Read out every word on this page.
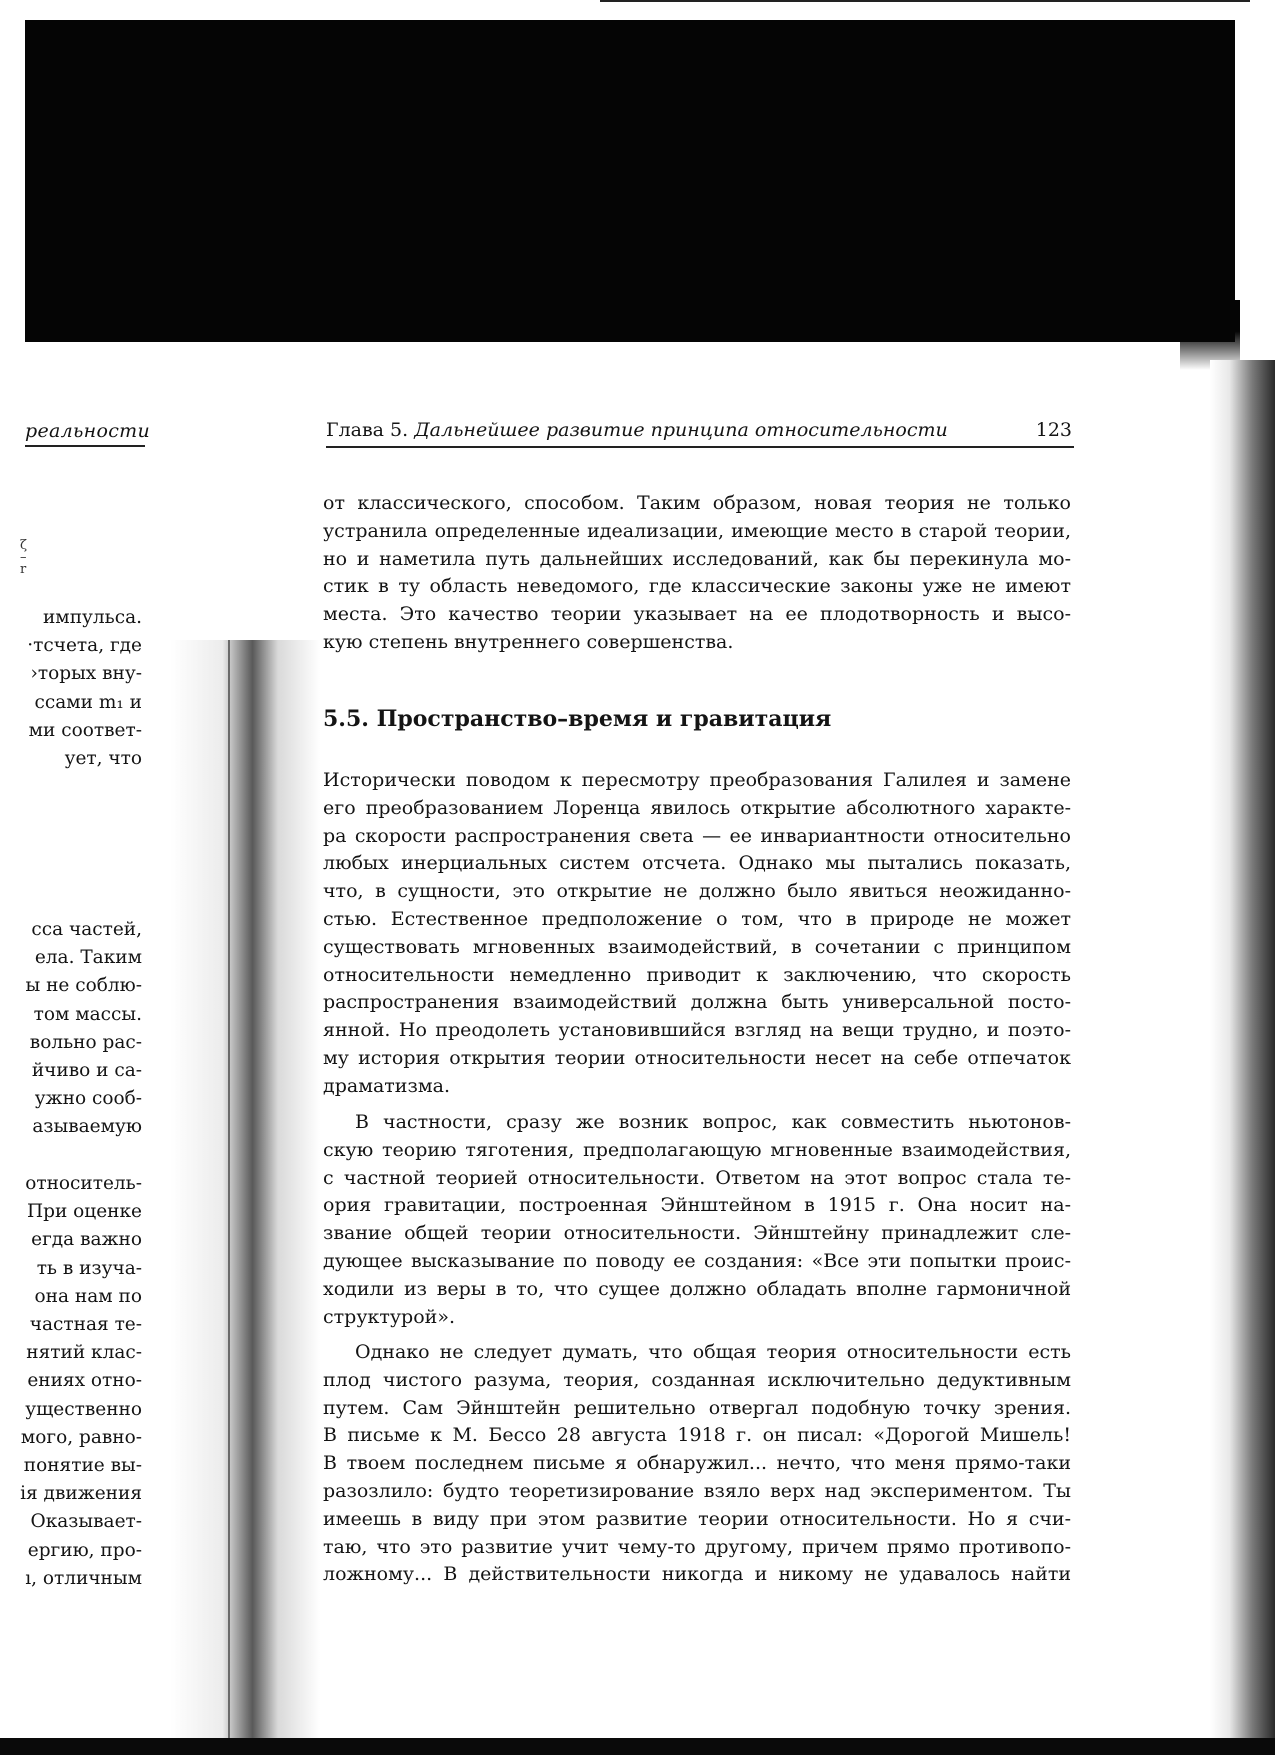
реальности
ζ
–
r
импульса.
·тсчета, где
›торых вну-
ссами m₁ и
ми соответ-
ует, что
сса частей,
ела. Таким
ы не соблю-
том массы.
вольно рас-
йчиво и са-
ужно сооб-
азываемую
относитель-
При оценке
егда важно
ть в изуча-
она нам по
частная те-
нятий клас-
ениях отно-
ущественно
мого, равно-
понятие вы-
ія движения
Оказывает-
ергию, про-
ı, отличным
Глава 5. Дальнейшее развитие принципа относительности	123
от классического, способом. Таким образом, новая теория не только
устранила определенные идеализации, имеющие место в старой теории,
но и наметила путь дальнейших исследований, как бы перекинула мо-
стик в ту область неведомого, где классические законы уже не имеют
места. Это качество теории указывает на ее плодотворность и высо-
кую степень внутреннего совершенства.
5.5. Пространство–время и гравитация
Исторически поводом к пересмотру преобразования Галилея и замене
его преобразованием Лоренца явилось открытие абсолютного характе-
ра скорости распространения света — ее инвариантности относительно
любых инерциальных систем отсчета. Однако мы пытались показать,
что, в сущности, это открытие не должно было явиться неожиданно-
стью. Естественное предположение о том, что в природе не может
существовать мгновенных взаимодействий, в сочетании с принципом
относительности немедленно приводит к заключению, что скорость
распространения взаимодействий должна быть универсальной посто-
янной. Но преодолеть установившийся взгляд на вещи трудно, и поэто-
му история открытия теории относительности несет на себе отпечаток
драматизма.
В частности, сразу же возник вопрос, как совместить ньютонов-
скую теорию тяготения, предполагающую мгновенные взаимодействия,
с частной теорией относительности. Ответом на этот вопрос стала те-
ория гравитации, построенная Эйнштейном в 1915 г. Она носит на-
звание общей теории относительности. Эйнштейну принадлежит сле-
дующее высказывание по поводу ее создания: «Все эти попытки проис-
ходили из веры в то, что сущее должно обладать вполне гармоничной
структурой».
Однако не следует думать, что общая теория относительности есть
плод чистого разума, теория, созданная исключительно дедуктивным
путем. Сам Эйнштейн решительно отвергал подобную точку зрения.
В письме к М. Бессо 28 августа 1918 г. он писал: «Дорогой Мишель!
В твоем последнем письме я обнаружил... нечто, что меня прямо-таки
разозлило: будто теоретизирование взяло верх над экспериментом. Ты
имеешь в виду при этом развитие теории относительности. Но я счи-
таю, что это развитие учит чему-то другому, причем прямо противопо-
ложному... В действительности никогда и никому не удавалось найти
